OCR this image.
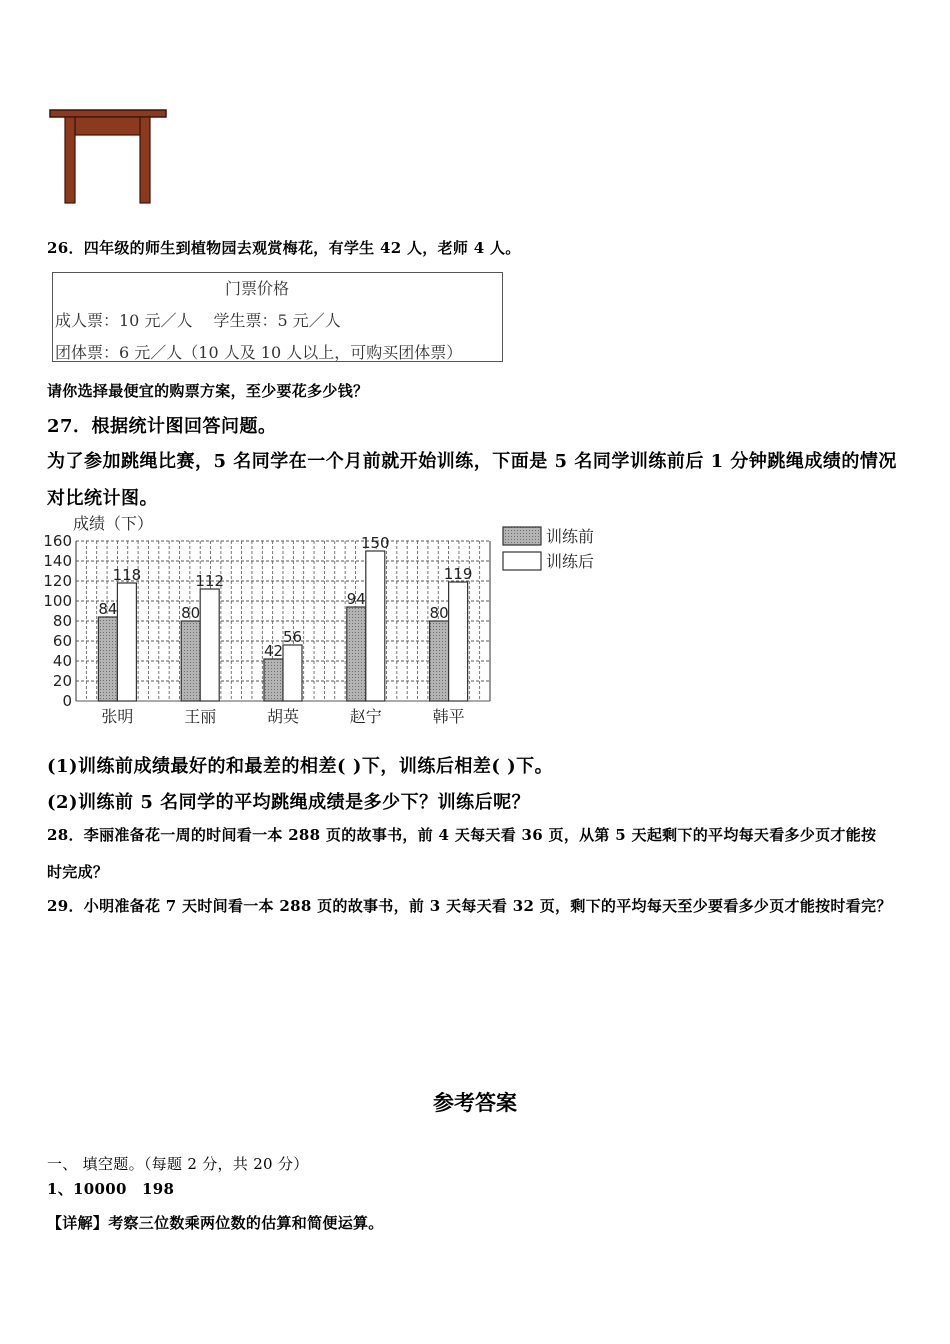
26．四年级的师生到植物园去观赏梅花，有学生 42 人，老师 4 人。
门票价格
成人票：10 元／人　 学生票：5 元／人
团体票：6 元／人（10 人及 10 人以上，可购买团体票）
请你选择最便宜的购票方案，至少要花多少钱？
27．根据统计图回答问题。
为了参加跳绳比赛，5 名同学在一个月前就开始训练，下面是 5 名同学训练前后 1 分钟跳绳成绩的情况
对比统计图。
成绩（下）
0
20
40
60
80
100
120
140
160
84
118
80
112
42
56
94
150
80
119
张明	王丽	胡英	赵宁	韩平
训练前
训练后
(1)训练前成绩最好的和最差的相差( )下，训练后相差( )下。
(2)训练前 5 名同学的平均跳绳成绩是多少下？训练后呢？
28．李丽准备花一周的时间看一本 288 页的故事书，前 4 天每天看 36 页，从第 5 天起剩下的平均每天看多少页才能按
时完成？
29．小明准备花 7 天时间看一本 288 页的故事书，前 3 天每天看 32 页，剩下的平均每天至少要看多少页才能按时看完？
参考答案
一、 填空题。（每题 2 分，共 20 分）
1、10000　198
【详解】考察三位数乘两位数的估算和简便运算。
